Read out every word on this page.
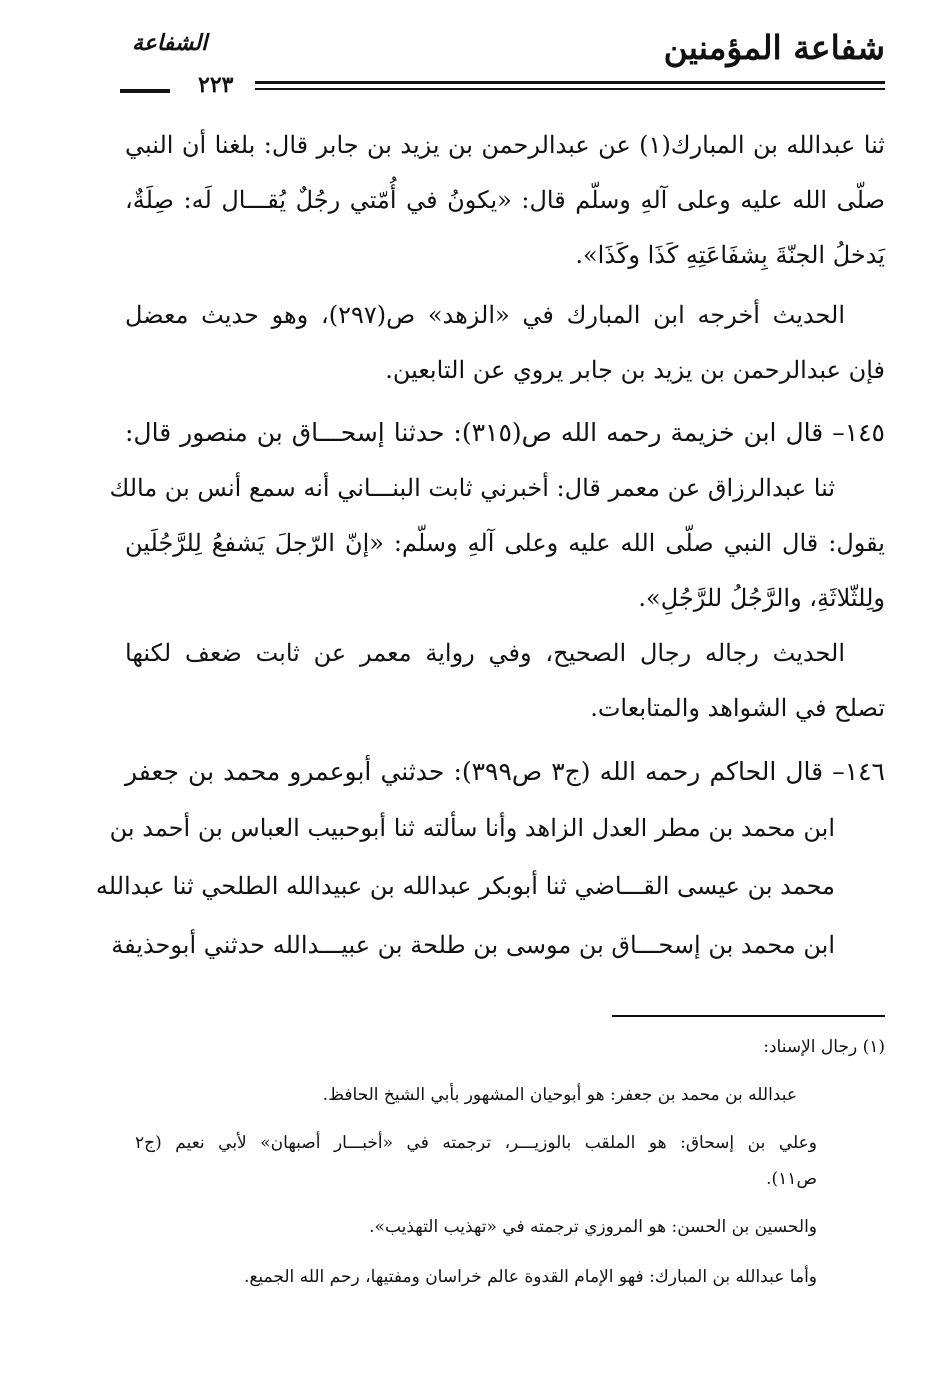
شفاعة المؤمنين
الشفاعة
٢٢٣
ثنا عبدالله بن المبارك(١) عن عبدالرحمن بن يزيد بن جابر قال: بلغنا أن النبي
صلّى الله عليه وعلى آلهِ وسلّم قال: «يكونُ في أُمّتي رجُلٌ يُقـــال لَه: صِلَةٌ،
يَدخلُ الجنّةَ بِشفَاعَتِهِ كَذَا وكَذَا».
الحديث أخرجه ابن المبارك في «الزهد» ص(٢٩٧)، وهو حديث معضل
فإن عبدالرحمن بن يزيد بن جابر يروي عن التابعين.
١٤٥– قال ابن خزيمة رحمه الله ص(٣١٥): حدثنا إسحـــاق بن منصور قال:
ثنا عبدالرزاق عن معمر قال: أخبرني ثابت البنـــاني أنه سمع أنس بن مالك
يقول: قال النبي صلّى الله عليه وعلى آلهِ وسلّم: «إنّ الرّجلَ يَشفعُ لِلرَّجُلَين
ولِلثّلاثَةِ، والرَّجُلُ للرَّجُلِ».
الحديث رجاله رجال الصحيح، وفي رواية معمر عن ثابت ضعف لكنها
تصلح في الشواهد والمتابعات.
١٤٦– قال الحاكم رحمه الله (ج٣ ص٣٩٩): حدثني أبوعمرو محمد بن جعفر
ابن محمد بن مطر العدل الزاهد وأنا سألته ثنا أبوحبيب العباس بن أحمد بن
محمد بن عيسى القـــاضي ثنا أبوبكر عبدالله بن عبيدالله الطلحي ثنا عبدالله
ابن محمد بن إسحـــاق بن موسى بن طلحة بن عبيـــدالله حدثني أبوحذيفة
(١) رجال الإسناد:
عبدالله بن محمد بن جعفر: هو أبوحيان المشهور بأبي الشيخ الحافظ.
وعلي بن إسحاق: هو الملقب بالوزيـــر، ترجمته في «أخبـــار أصبهان» لأبي نعيم (ج٢
ص١١).
والحسين بن الحسن: هو المروزي ترجمته في «تهذيب التهذيب».
وأما عبدالله بن المبارك: فهو الإمام القدوة عالم خراسان ومفتيها، رحم الله الجميع.
